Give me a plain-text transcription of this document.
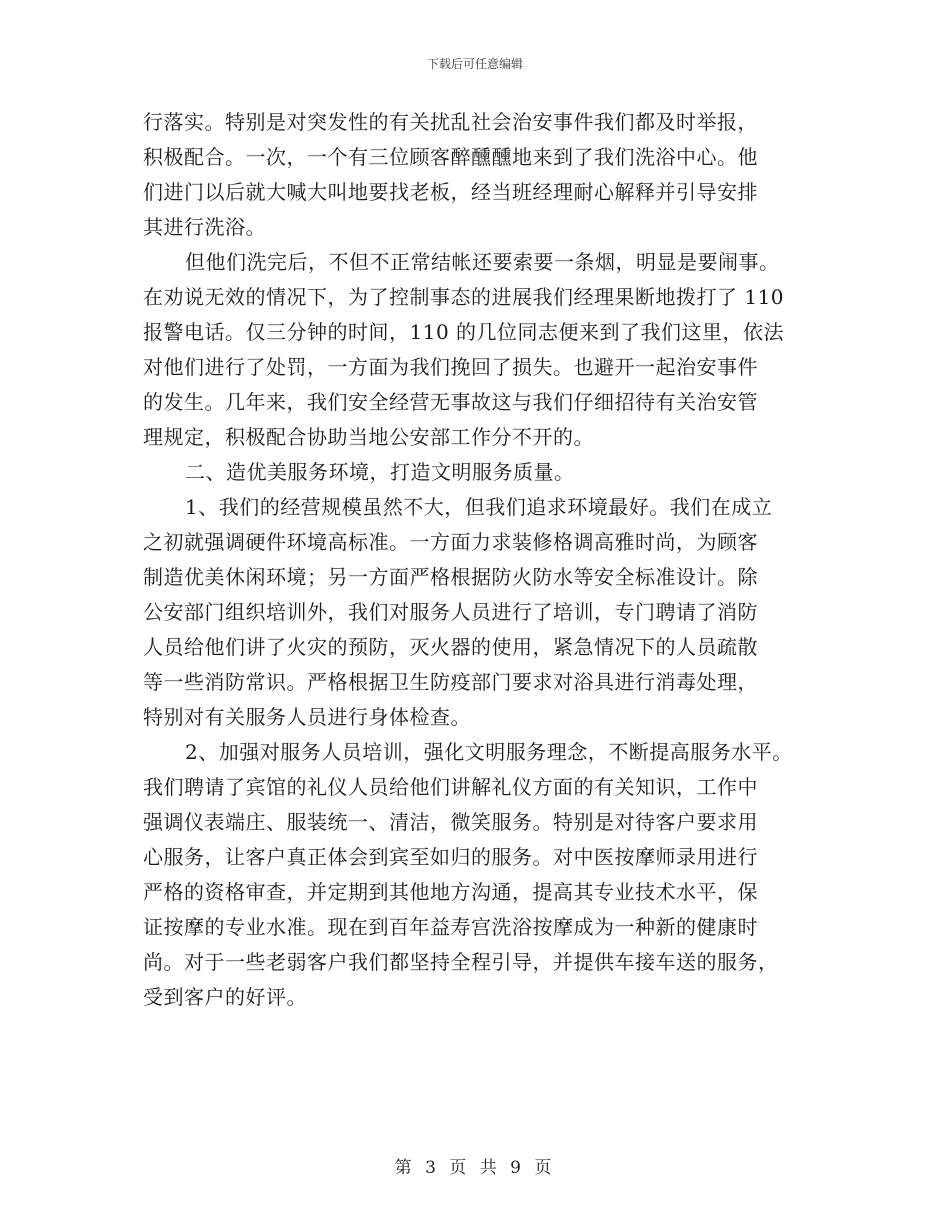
下载后可任意编辑
行落实。特别是对突发性的有关扰乱社会治安事件我们都及时举报，
积极配合。一次，一个有三位顾客醉醺醺地来到了我们洗浴中心。他
们进门以后就大喊大叫地要找老板，经当班经理耐心解释并引导安排
其进行洗浴。
但他们洗完后，不但不正常结帐还要索要一条烟，明显是要闹事。
在劝说无效的情况下，为了控制事态的进展我们经理果断地拨打了 110
报警电话。仅三分钟的时间，110 的几位同志便来到了我们这里，依法
对他们进行了处罚，一方面为我们挽回了损失。也避开一起治安事件
的发生。几年来，我们安全经营无事故这与我们仔细招待有关治安管
理规定，积极配合协助当地公安部工作分不开的。
二、造优美服务环境，打造文明服务质量。
1、我们的经营规模虽然不大，但我们追求环境最好。我们在成立
之初就强调硬件环境高标准。一方面力求装修格调高雅时尚，为顾客
制造优美休闲环境；另一方面严格根据防火防水等安全标准设计。除
公安部门组织培训外，我们对服务人员进行了培训，专门聘请了消防
人员给他们讲了火灾的预防，灭火器的使用，紧急情况下的人员疏散
等一些消防常识。严格根据卫生防疫部门要求对浴具进行消毒处理，
特别对有关服务人员进行身体检查。
2、加强对服务人员培训，强化文明服务理念，不断提高服务水平。
我们聘请了宾馆的礼仪人员给他们讲解礼仪方面的有关知识，工作中
强调仪表端庄、服装统一、清洁，微笑服务。特别是对待客户要求用
心服务，让客户真正体会到宾至如归的服务。对中医按摩师录用进行
严格的资格审查，并定期到其他地方沟通，提高其专业技术水平，保
证按摩的专业水准。现在到百年益寿宫洗浴按摩成为一种新的健康时
尚。对于一些老弱客户我们都坚持全程引导，并提供车接车送的服务，
受到客户的好评。
第 3 页 共 9 页
